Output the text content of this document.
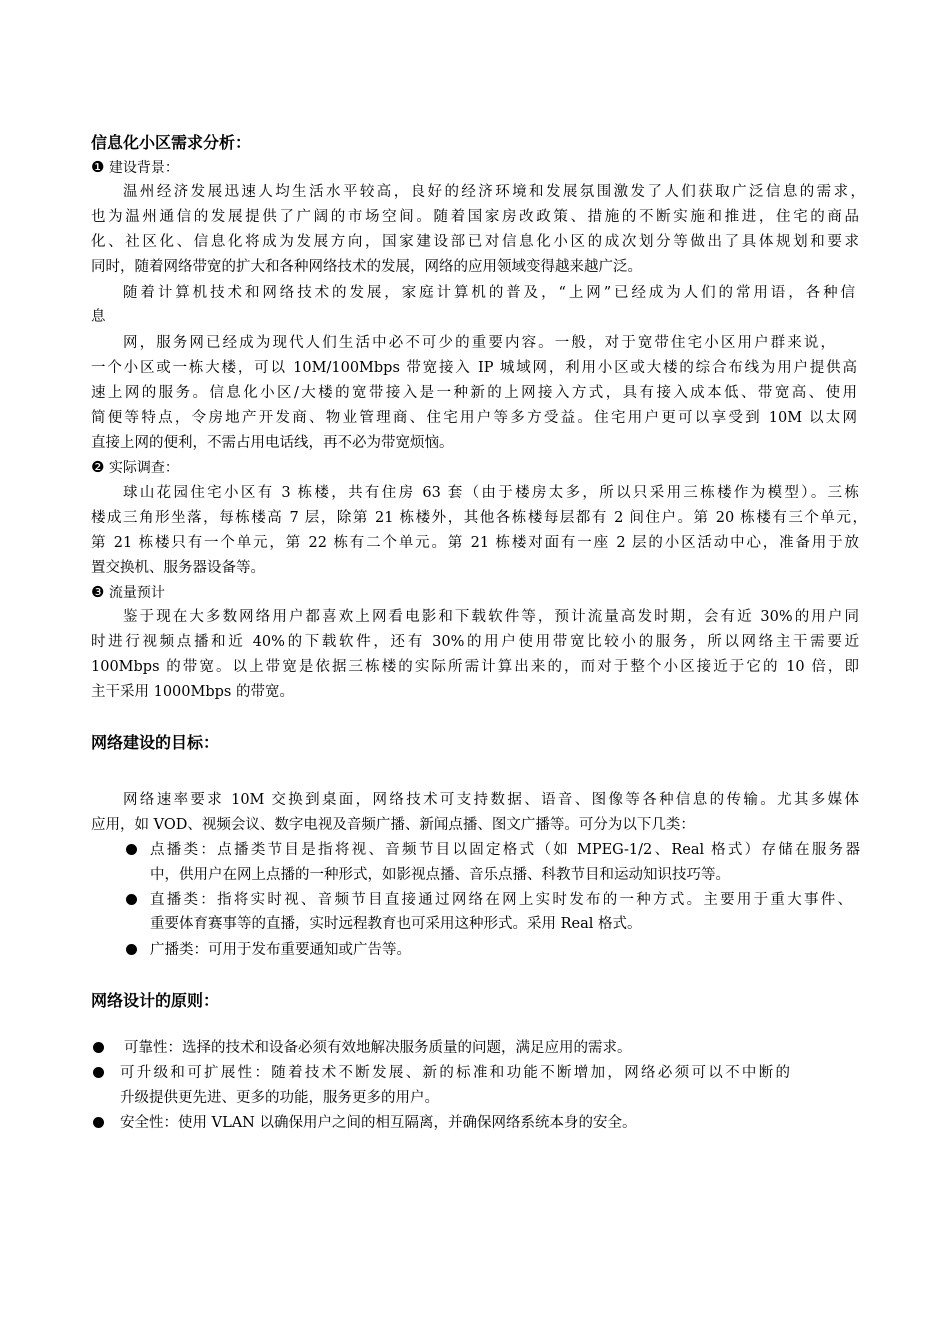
信息化小区需求分析：
❶ 建设背景：
温州经济发展迅速人均生活水平较高，良好的经济环境和发展氛围激发了人们获取广泛信息的需求，
也为温州通信的发展提供了广阔的市场空间。随着国家房改政策、措施的不断实施和推进，住宅的商品
化、社区化、信息化将成为发展方向，国家建设部已对信息化小区的成次划分等做出了具体规划和要求
同时，随着网络带宽的扩大和各种网络技术的发展，网络的应用领域变得越来越广泛。
随着计算机技术和网络技术的发展，家庭计算机的普及，“上网”已经成为人们的常用语，各种信
息
网，服务网已经成为现代人们生活中必不可少的重要内容。一般，对于宽带住宅小区用户群来说，
一个小区或一栋大楼，可以 10M/100Mbps 带宽接入 IP 城域网，利用小区或大楼的综合布线为用户提供高
速上网的服务。信息化小区/大楼的宽带接入是一种新的上网接入方式，具有接入成本低、带宽高、使用
简便等特点，令房地产开发商、物业管理商、住宅用户等多方受益。住宅用户更可以享受到 10M 以太网
直接上网的便利，不需占用电话线，再不必为带宽烦恼。
❷ 实际调查：
球山花园住宅小区有 3 栋楼，共有住房 63 套（由于楼房太多，所以只采用三栋楼作为模型）。三栋
楼成三角形坐落，每栋楼高 7 层，除第 21 栋楼外，其他各栋楼每层都有 2 间住户。第 20 栋楼有三个单元，
第 21 栋楼只有一个单元，第 22 栋有二个单元。第 21 栋楼对面有一座 2 层的小区活动中心，准备用于放
置交换机、服务器设备等。
❸ 流量预计
鉴于现在大多数网络用户都喜欢上网看电影和下载软件等，预计流量高发时期，会有近 30%的用户同
时进行视频点播和近 40%的下载软件，还有 30%的用户使用带宽比较小的服务，所以网络主干需要近
100Mbps 的带宽。以上带宽是依据三栋楼的实际所需计算出来的，而对于整个小区接近于它的 10 倍，即
主干采用 1000Mbps 的带宽。
网络建设的目标：
网络速率要求 10M 交换到桌面，网络技术可支持数据、语音、图像等各种信息的传输。尤其多媒体
应用，如 VOD、视频会议、数字电视及音频广播、新闻点播、图文广播等。可分为以下几类：
点播类：点播类节目是指将视、音频节目以固定格式（如 MPEG-1/2、Real 格式）存储在服务器
中，供用户在网上点播的一种形式，如影视点播、音乐点播、科教节目和运动知识技巧等。
直播类：指将实时视、音频节目直接通过网络在网上实时发布的一种方式。主要用于重大事件、
重要体育赛事等的直播，实时远程教育也可采用这种形式。采用 Real 格式。
广播类：可用于发布重要通知或广告等。
网络设计的原则：
可靠性：选择的技术和设备必须有效地解决服务质量的问题，满足应用的需求。
可升级和可扩展性：随着技术不断发展、新的标准和功能不断增加，网络必须可以不中断的
升级提供更先进、更多的功能，服务更多的用户。
安全性：使用 VLAN 以确保用户之间的相互隔离，并确保网络系统本身的安全。
